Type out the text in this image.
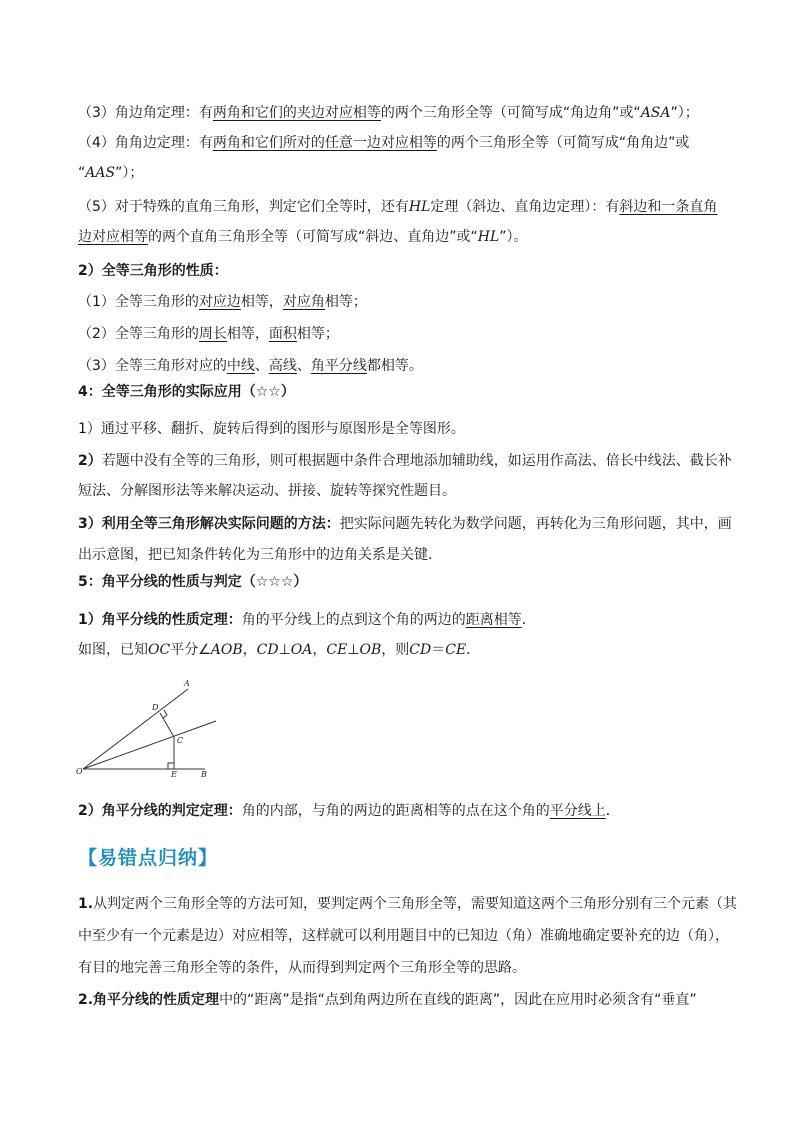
（3）角边角定理：有两角和它们的夹边对应相等的两个三角形全等（可简写成“角边角”或“ASA”）；
（4）角角边定理：有两角和它们所对的任意一边对应相等的两个三角形全等（可简写成“角角边”或
“AAS”）；
（5）对于特殊的直角三角形，判定它们全等时，还有HL定理（斜边、直角边定理）：有斜边和一条直角
边对应相等的两个直角三角形全等（可简写成“斜边、直角边”或“HL”）。
2）全等三角形的性质：
（1）全等三角形的对应边相等，对应角相等；
（2）全等三角形的周长相等，面积相等；
（3）全等三角形对应的中线、高线、角平分线都相等。
4：全等三角形的实际应用（☆☆）
1）通过平移、翻折、旋转后得到的图形与原图形是全等图形。
2）若题中没有全等的三角形，则可根据题中条件合理地添加辅助线，如运用作高法、倍长中线法、截长补
短法、分解图形法等来解决运动、拼接、旋转等探究性题目。
3）利用全等三角形解决实际问题的方法：把实际问题先转化为数学问题，再转化为三角形问题，其中，画
出示意图，把已知条件转化为三角形中的边角关系是关键．
5：角平分线的性质与判定（☆☆☆）
1）角平分线的性质定理：角的平分线上的点到这个角的两边的距离相等．
如图，已知OC平分∠AOB，CD⊥OA，CE⊥OB，则CD＝CE．
A
D
C
O	E	B
2）角平分线的判定定理：角的内部，与角的两边的距离相等的点在这个角的平分线上．
【易错点归纳】
1.从判定两个三角形全等的方法可知，要判定两个三角形全等，需要知道这两个三角形分别有三个元素（其
中至少有一个元素是边）对应相等，这样就可以利用题目中的已知边（角）准确地确定要补充的边（角），
有目的地完善三角形全等的条件，从而得到判定两个三角形全等的思路。
2.角平分线的性质定理中的“距离”是指“点到角两边所在直线的距离”，因此在应用时必须含有“垂直”
